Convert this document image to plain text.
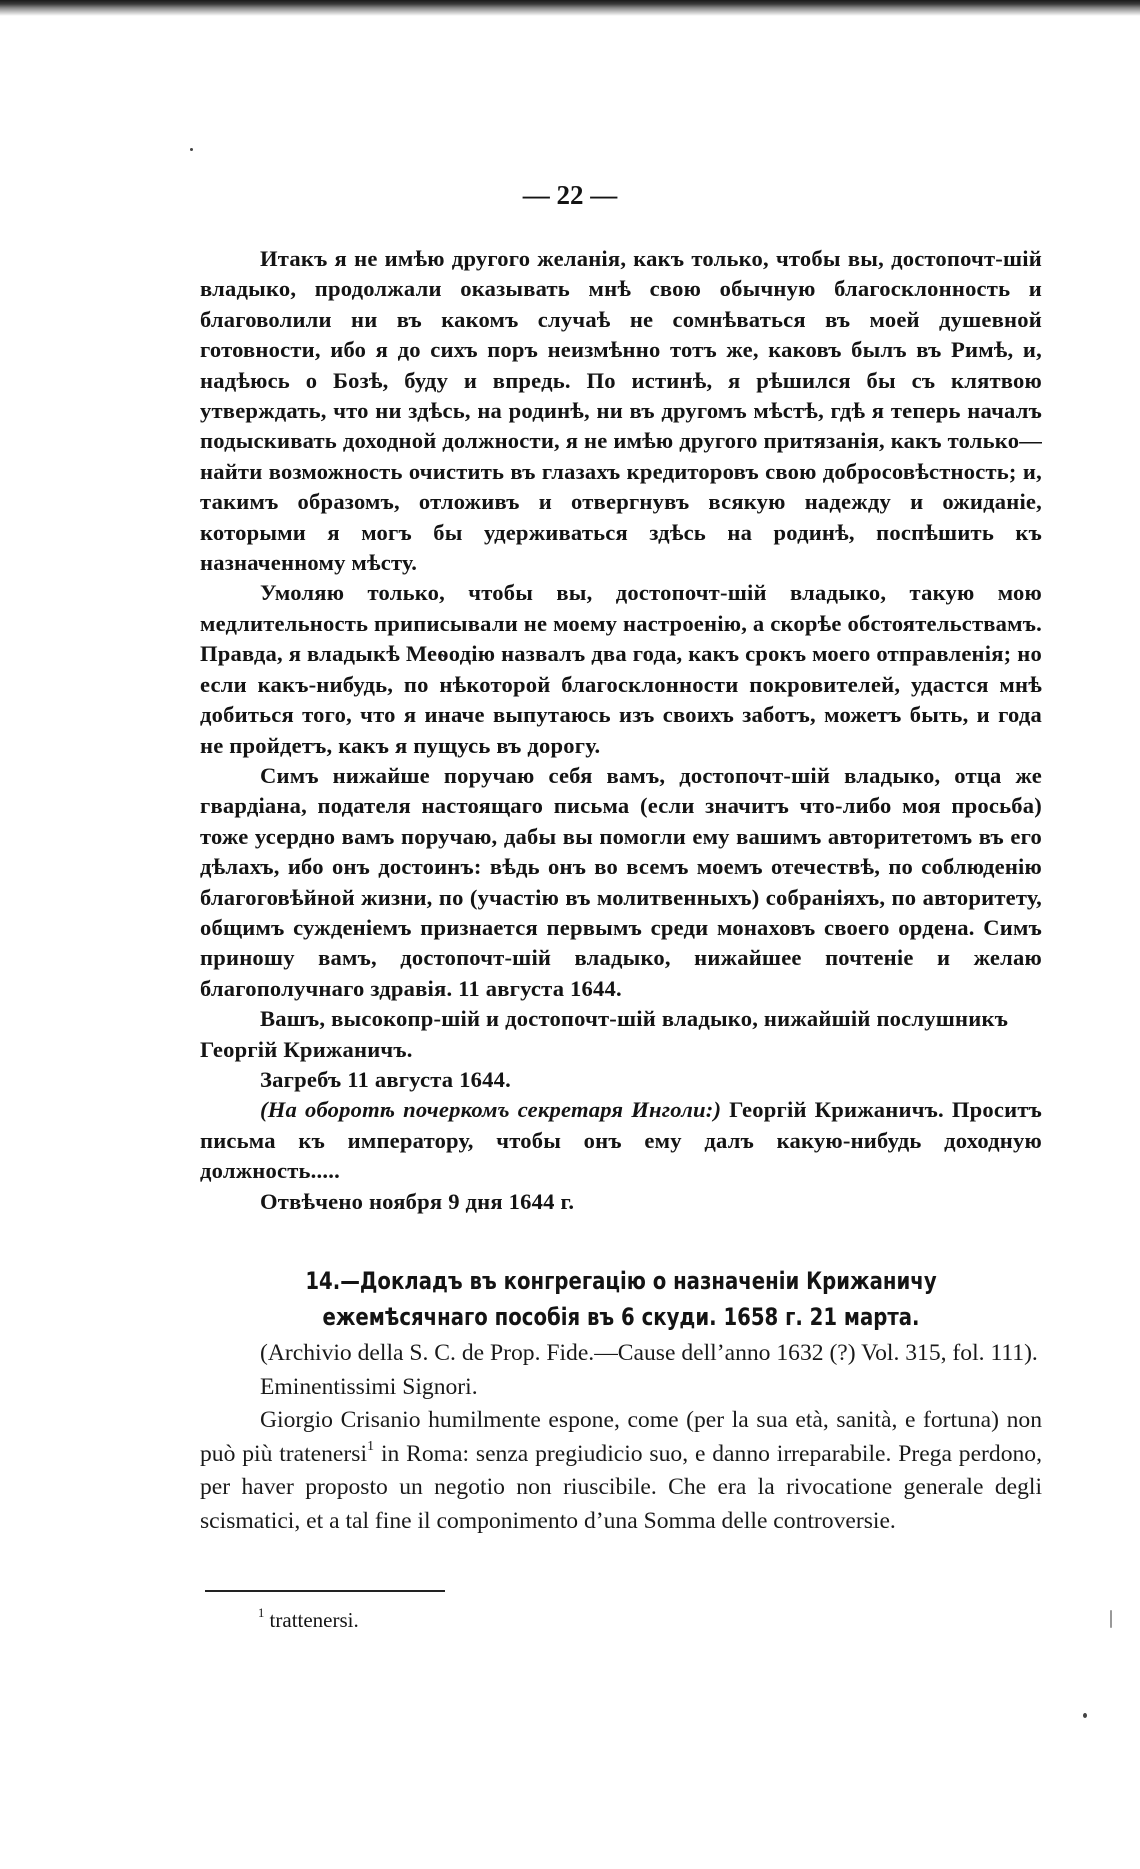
— 22 —

Итакъ я не имѣю другого желанія, какъ только, чтобы вы, достопочт-шій владыко, продолжали оказывать мнѣ свою обычную благосклонность и благоволили ни въ какомъ случаѣ не сомнѣваться въ моей душевной готовности, ибо я до сихъ поръ неизмѣнно тотъ же, каковъ былъ въ Римѣ, и, надѣюсь о Бозѣ, буду и впредь. По истинѣ, я рѣшился бы съ клятвою утверждать, что ни здѣсь, на родинѣ, ни въ другомъ мѣстѣ, гдѣ я теперь началъ подыскивать доходной должности, я не имѣю другого притязанія, какъ только—найти возможность очистить въ глазахъ кредиторовъ свою добросовѣстность; и, такимъ образомъ, отложивъ и отвергнувъ всякую надежду и ожиданіе, которыми я могъ бы удерживаться здѣсь на родинѣ, поспѣшить къ назначенному мѣсту.

Умоляю только, чтобы вы, достопочт-шій владыко, такую мою медлительность приписывали не моему настроенію, а скорѣе обстоятельствамъ. Правда, я владыкѣ Меѳодію назвалъ два года, какъ срокъ моего отправленія; но если какъ-нибудь, по нѣкоторой благосклонности покровителей, удастся мнѣ добиться того, что я иначе выпутаюсь изъ своихъ заботъ, можетъ быть, и года не пройдетъ, какъ я пущусь въ дорогу.

Симъ нижайше поручаю себя вамъ, достопочт-шій владыко, отца же гвардіана, подателя настоящаго письма (если значитъ что-либо моя просьба) тоже усердно вамъ поручаю, дабы вы помогли ему вашимъ авторитетомъ въ его дѣлахъ, ибо онъ достоинъ: вѣдь онъ во всемъ моемъ отечествѣ, по соблюденію благоговѣйной жизни, по (участію въ молитвенныхъ) собраніяхъ, по авторитету, общимъ сужденіемъ признается первымъ среди монаховъ своего ордена. Симъ приношу вамъ, достопочт-шій владыко, нижайшее почтеніе и желаю благополучнаго здравія. 11 августа 1644.

Вашъ, высокопр-шій и достопочт-шій владыко, нижайшій послушникъ

Георгій Крижаничъ.

Загребъ 11 августа 1644.

(На оборотѣ почеркомъ секретаря Инголи:) Георгій Крижаничъ. Проситъ письма къ императору, чтобы онъ ему далъ какую-нибудь доходную должность.....

Отвѣчено ноября 9 дня 1644 г.

14.—Докладъ въ конгрегацію о назначеніи Крижаничу ежемѣсячнаго пособія въ 6 скуди. 1658 г. 21 марта.

(Archivio della S. C. de Prop. Fide.—Cause dell’anno 1632 (?) Vol. 315, fol. 111).

Eminentissimi Signori.

Giorgio Crisanio humilmente espone, come (per la sua età, sanità, e fortuna) non può più tratenersi$^1$ in Roma: senza pregiudicio suo, e danno irreparabile. Prega perdono, per haver proposto un negotio non riuscibile. Che era la rivocatione generale degli scismatici, et a tal fine il componimento d’una Somma delle controversie.

$^1$ trattenersi.
